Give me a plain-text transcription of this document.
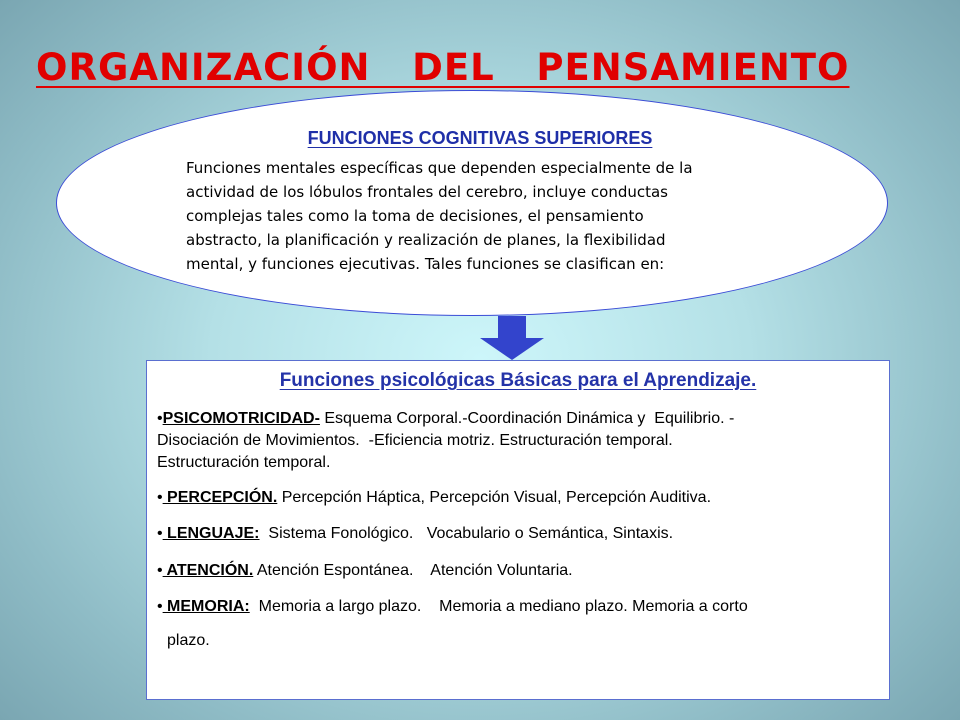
ORGANIZACIÓN   DEL   PENSAMIENTO
FUNCIONES COGNITIVAS SUPERIORES
Funciones mentales específicas que dependen especialmente de la
actividad de los lóbulos frontales del cerebro, incluye conductas
complejas tales como la toma de decisiones, el pensamiento
abstracto, la planificación y realización de planes, la flexibilidad
mental, y funciones ejecutivas. Tales funciones se clasifican en:
Funciones psicológicas Básicas para el Aprendizaje.
•PSICOMOTRICIDAD- Esquema Corporal.-Coordinación Dinámica y  Equilibrio. -
Disociación de Movimientos.  -Eficiencia motriz. Estructuración temporal.
Estructuración temporal.
• PERCEPCIÓN. Percepción Háptica, Percepción Visual, Percepción Auditiva.
• LENGUAJE:  Sistema Fonológico.   Vocabulario o Semántica, Sintaxis.
• ATENCIÓN. Atención Espontánea.    Atención Voluntaria.
• MEMORIA:  Memoria a largo plazo.    Memoria a mediano plazo. Memoria a corto
plazo.
